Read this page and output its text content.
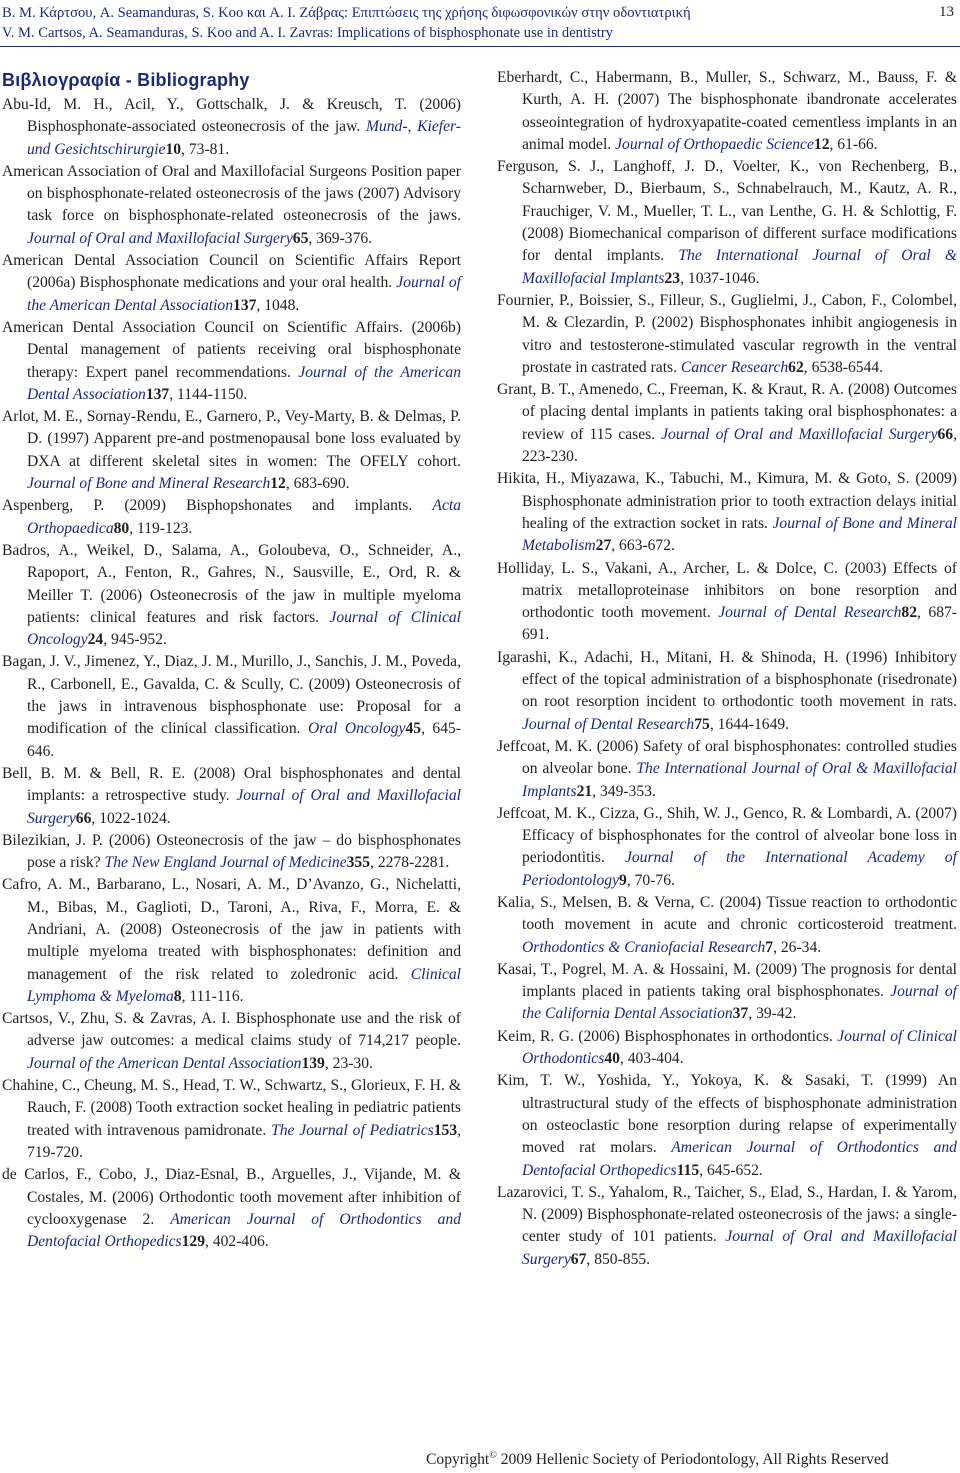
B. M. Κάρτσου, A. Seamanduras, S. Koo και A. I. Ζάβρας: Επιπτώσεις της χρήσης διφωσφονικών στην οδοντιατρική
V. M. Cartsos, A. Seamanduras, S. Koo and A. I. Zavras: Implications of bisphosphonate use in dentistry
13
Βιβλιογραφία - Bibliography

Abu-Id, M. H., Acil, Y., Gottschalk, J. & Kreusch, T. (2006) Bisphosphonate-associated osteonecrosis of the jaw. Mund-, Kiefer- und Gesichtschirurgie10, 73-81.

American Association of Oral and Maxillofacial Surgeons Position paper on bisphosphonate-related osteonecrosis of the jaws (2007) Advisory task force on bisphosphonate-related osteonecrosis of the jaws. Journal of Oral and Maxillofacial Surgery65, 369-376.

American Dental Association Council on Scientific Affairs Report (2006a) Bisphosphonate medications and your oral health. Journal of the American Dental Association137, 1048.

American Dental Association Council on Scientific Affairs. (2006b) Dental management of patients receiving oral bisphosphonate therapy: Expert panel recommendations. Journal of the American Dental Association137, 1144-1150.

Arlot, M. E., Sornay-Rendu, E., Garnero, P., Vey-Marty, B. & Delmas, P. D. (1997) Apparent pre-and postmenopausal bone loss evaluated by DXA at different skeletal sites in women: The OFELY cohort. Journal of Bone and Mineral Research12, 683-690.

Aspenberg, P. (2009) Bisphopshonates and implants. Acta Orthopaedica80, 119-123.

Badros, A., Weikel, D., Salama, A., Goloubeva, O., Schneider, A., Rapoport, A., Fenton, R., Gahres, N., Sausville, E., Ord, R. & Meiller T. (2006) Osteonecrosis of the jaw in multiple myeloma patients: clinical features and risk factors. Journal of Clinical Oncology24, 945-952.

Bagan, J. V., Jimenez, Y., Diaz, J. M., Murillo, J., Sanchis, J. M., Poveda, R., Carbonell, E., Gavalda, C. & Scully, C. (2009) Osteonecrosis of the jaws in intravenous bisphosphonate use: Proposal for a modification of the clinical classification. Oral Oncology45, 645-646.

Bell, B. M. & Bell, R. E. (2008) Oral bisphosphonates and dental implants: a retrospective study. Journal of Oral and Maxillofacial Surgery66, 1022-1024.

Bilezikian, J. P. (2006) Osteonecrosis of the jaw – do bisphosphonates pose a risk? The New England Journal of Medicine355, 2278-2281.

Cafro, A. M., Barbarano, L., Nosari, A. M., D’Avanzo, G., Nichelatti, M., Bibas, M., Gaglioti, D., Taroni, A., Riva, F., Morra, E. & Andriani, A. (2008) Osteonecrosis of the jaw in patients with multiple myeloma treated with bisphosphonates: definition and management of the risk related to zoledronic acid. Clinical Lymphoma & Myeloma8, 111-116.

Cartsos, V., Zhu, S. & Zavras, A. I. Bisphosphonate use and the risk of adverse jaw outcomes: a medical claims study of 714,217 people. Journal of the American Dental Association139, 23-30.

Chahine, C., Cheung, M. S., Head, T. W., Schwartz, S., Glorieux, F. H. & Rauch, F. (2008) Tooth extraction socket healing in pediatric patients treated with intravenous pamidronate. The Journal of Pediatrics153, 719-720.

de Carlos, F., Cobo, J., Diaz-Esnal, B., Arguelles, J., Vijande, M. & Costales, M. (2006) Orthodontic tooth movement after inhibition of cyclooxygenase 2. American Journal of Orthodontics and Dentofacial Orthopedics129, 402-406.

Eberhardt, C., Habermann, B., Muller, S., Schwarz, M., Bauss, F. & Kurth, A. H. (2007) The bisphosphonate ibandronate accelerates osseointegration of hydroxyapatite-coated cementless implants in an animal model. Journal of Orthopaedic Science12, 61-66.

Ferguson, S. J., Langhoff, J. D., Voelter, K., von Rechenberg, B., Scharnweber, D., Bierbaum, S., Schnabelrauch, M., Kautz, A. R., Frauchiger, V. M., Mueller, T. L., van Lenthe, G. H. & Schlottig, F. (2008) Biomechanical comparison of different surface modifications for dental implants. The International Journal of Oral & Maxillofacial Implants23, 1037-1046.

Fournier, P., Boissier, S., Filleur, S., Guglielmi, J., Cabon, F., Colombel, M. & Clezardin, P. (2002) Bisphosphonates inhibit angiogenesis in vitro and testosterone-stimulated vascular regrowth in the ventral prostate in castrated rats. Cancer Research62, 6538-6544.

Grant, B. T., Amenedo, C., Freeman, K. & Kraut, R. A. (2008) Outcomes of placing dental implants in patients taking oral bisphosphonates: a review of 115 cases. Journal of Oral and Maxillofacial Surgery66, 223-230.

Hikita, H., Miyazawa, K., Tabuchi, M., Kimura, M. & Goto, S. (2009) Bisphosphonate administration prior to tooth extraction delays initial healing of the extraction socket in rats. Journal of Bone and Mineral Metabolism27, 663-672.

Holliday, L. S., Vakani, A., Archer, L. & Dolce, C. (2003) Effects of matrix metalloproteinase inhibitors on bone resorption and orthodontic tooth movement. Journal of Dental Research82, 687-691.

Igarashi, K., Adachi, H., Mitani, H. & Shinoda, H. (1996) Inhibitory effect of the topical administration of a bisphosphonate (risedronate) on root resorption incident to orthodontic tooth movement in rats. Journal of Dental Research75, 1644-1649.

Jeffcoat, M. K. (2006) Safety of oral bisphosphonates: controlled studies on alveolar bone. The International Journal of Oral & Maxillofacial Implants21, 349-353.

Jeffcoat, M. K., Cizza, G., Shih, W. J., Genco, R. & Lombardi, A. (2007) Efficacy of bisphosphonates for the control of alveolar bone loss in periodontitis. Journal of the International Academy of Periodontology9, 70-76.

Kalia, S., Melsen, B. & Verna, C. (2004) Tissue reaction to orthodontic tooth movement in acute and chronic corticosteroid treatment. Orthodontics & Craniofacial Research7, 26-34.

Kasai, T., Pogrel, M. A. & Hossaini, M. (2009) The prognosis for dental implants placed in patients taking oral bisphosphonates. Journal of the California Dental Association37, 39-42.

Keim, R. G. (2006) Bisphosphonates in orthodontics. Journal of Clinical Orthodontics40, 403-404.

Kim, T. W., Yoshida, Y., Yokoya, K. & Sasaki, T. (1999) An ultrastructural study of the effects of bisphosphonate administration on osteoclastic bone resorption during relapse of experimentally moved rat molars. American Journal of Orthodontics and Dentofacial Orthopedics115, 645-652.

Lazarovici, T. S., Yahalom, R., Taicher, S., Elad, S., Hardan, I. & Yarom, N. (2009) Bisphosphonate-related osteonecrosis of the jaws: a single-center study of 101 patients. Journal of Oral and Maxillofacial Surgery67, 850-855.

Copyright© 2009 Hellenic Society of Periodontology, All Rights Reserved
